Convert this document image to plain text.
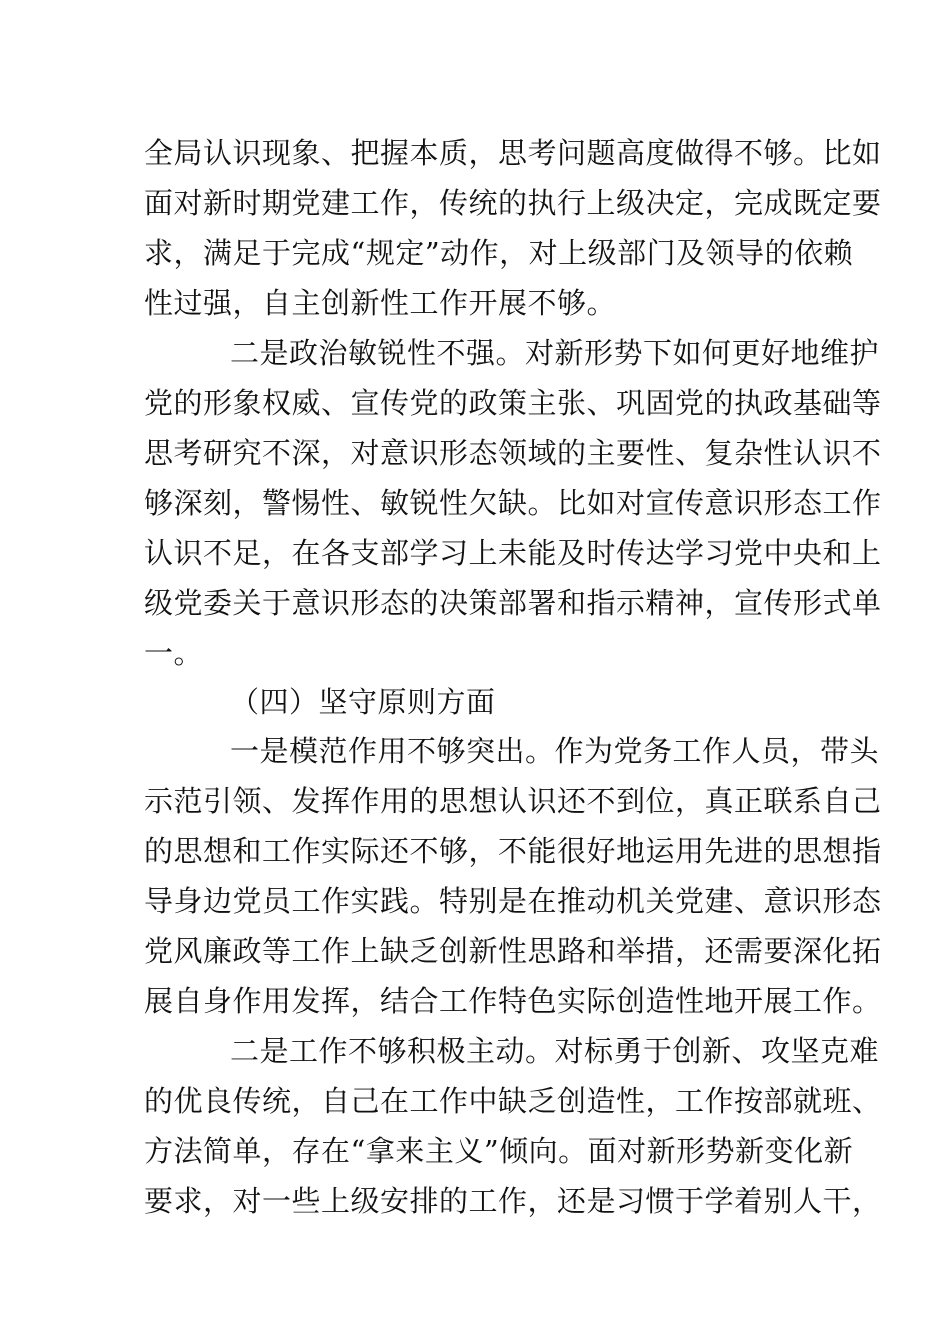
全局认识现象、把握本质，思考问题高度做得不够。比如
面对新时期党建工作，传统的执行上级决定，完成既定要
求，满足于完成“规定”动作，对上级部门及领导的依赖
性过强，自主创新性工作开展不够。
二是政治敏锐性不强。对新形势下如何更好地维护
党的形象权威、宣传党的政策主张、巩固党的执政基础等
思考研究不深，对意识形态领域的主要性、复杂性认识不
够深刻，警惕性、敏锐性欠缺。比如对宣传意识形态工作
认识不足，在各支部学习上未能及时传达学习党中央和上
级党委关于意识形态的决策部署和指示精神，宣传形式单
一。
（四）坚守原则方面
一是模范作用不够突出。作为党务工作人员，带头
示范引领、发挥作用的思想认识还不到位，真正联系自己
的思想和工作实际还不够，不能很好地运用先进的思想指
导身边党员工作实践。特别是在推动机关党建、意识形态
党风廉政等工作上缺乏创新性思路和举措，还需要深化拓
展自身作用发挥，结合工作特色实际创造性地开展工作。
二是工作不够积极主动。对标勇于创新、攻坚克难
的优良传统，自己在工作中缺乏创造性，工作按部就班、
方法简单，存在“拿来主义”倾向。面对新形势新变化新
要求，对一些上级安排的工作，还是习惯于学着别人干，
